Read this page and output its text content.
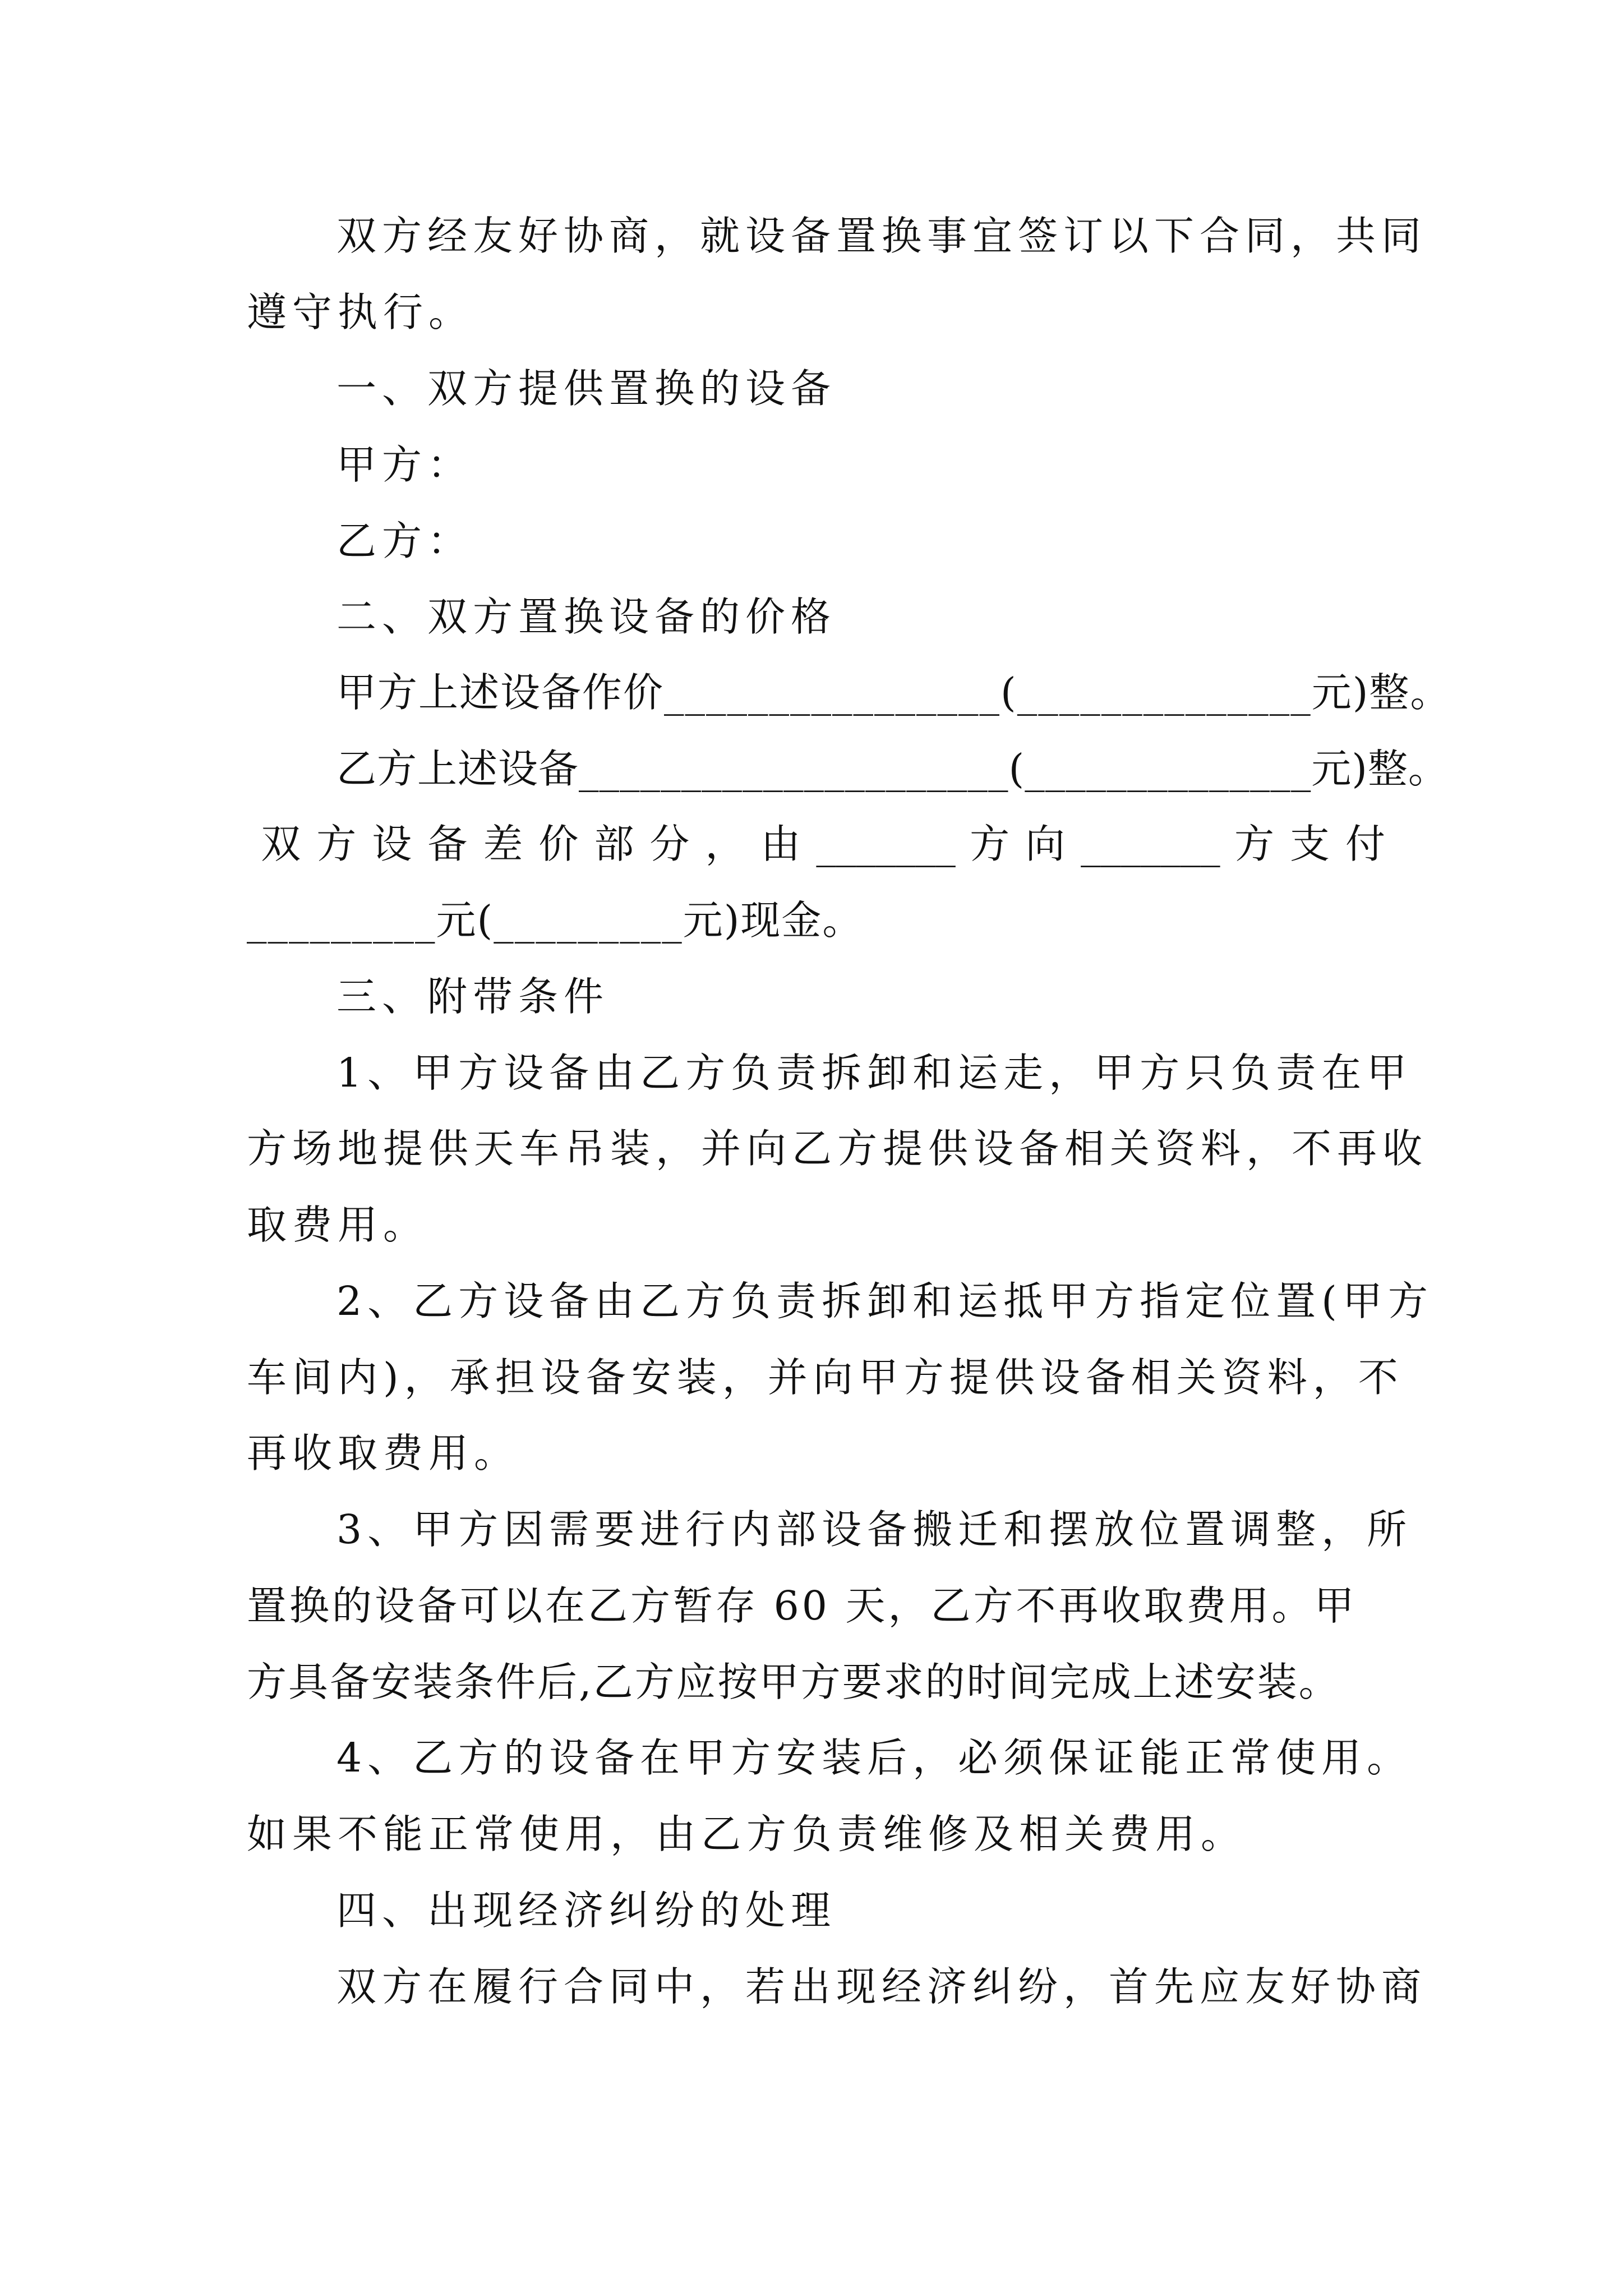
双方经友好协商，就设备置换事宜签订以下合同，共同

遵守执行。

一、双方提供置换的设备

甲方：

乙方：

二、双方置换设备的价格

甲方上述设备作价________________(______________元)整。

乙方上述设备_____________________(______________元)整。

双 方 设 备 差 价 部 分 ， 由 _______ 方 向 _______ 方 支 付

_________元(_________元)现金。

三、附带条件

1、甲方设备由乙方负责拆卸和运走，甲方只负责在甲

方场地提供天车吊装，并向乙方提供设备相关资料，不再收

取费用。

2、乙方设备由乙方负责拆卸和运抵甲方指定位置(甲方

车间内)，承担设备安装，并向甲方提供设备相关资料，不

再收取费用。

3、甲方因需要进行内部设备搬迁和摆放位置调整，所

置换的设备可以在乙方暂存 60 天，乙方不再收取费用。甲

方具备安装条件后,乙方应按甲方要求的时间完成上述安装。

4、乙方的设备在甲方安装后，必须保证能正常使用。

如果不能正常使用，由乙方负责维修及相关费用。

四、出现经济纠纷的处理

双方在履行合同中，若出现经济纠纷，首先应友好协商
